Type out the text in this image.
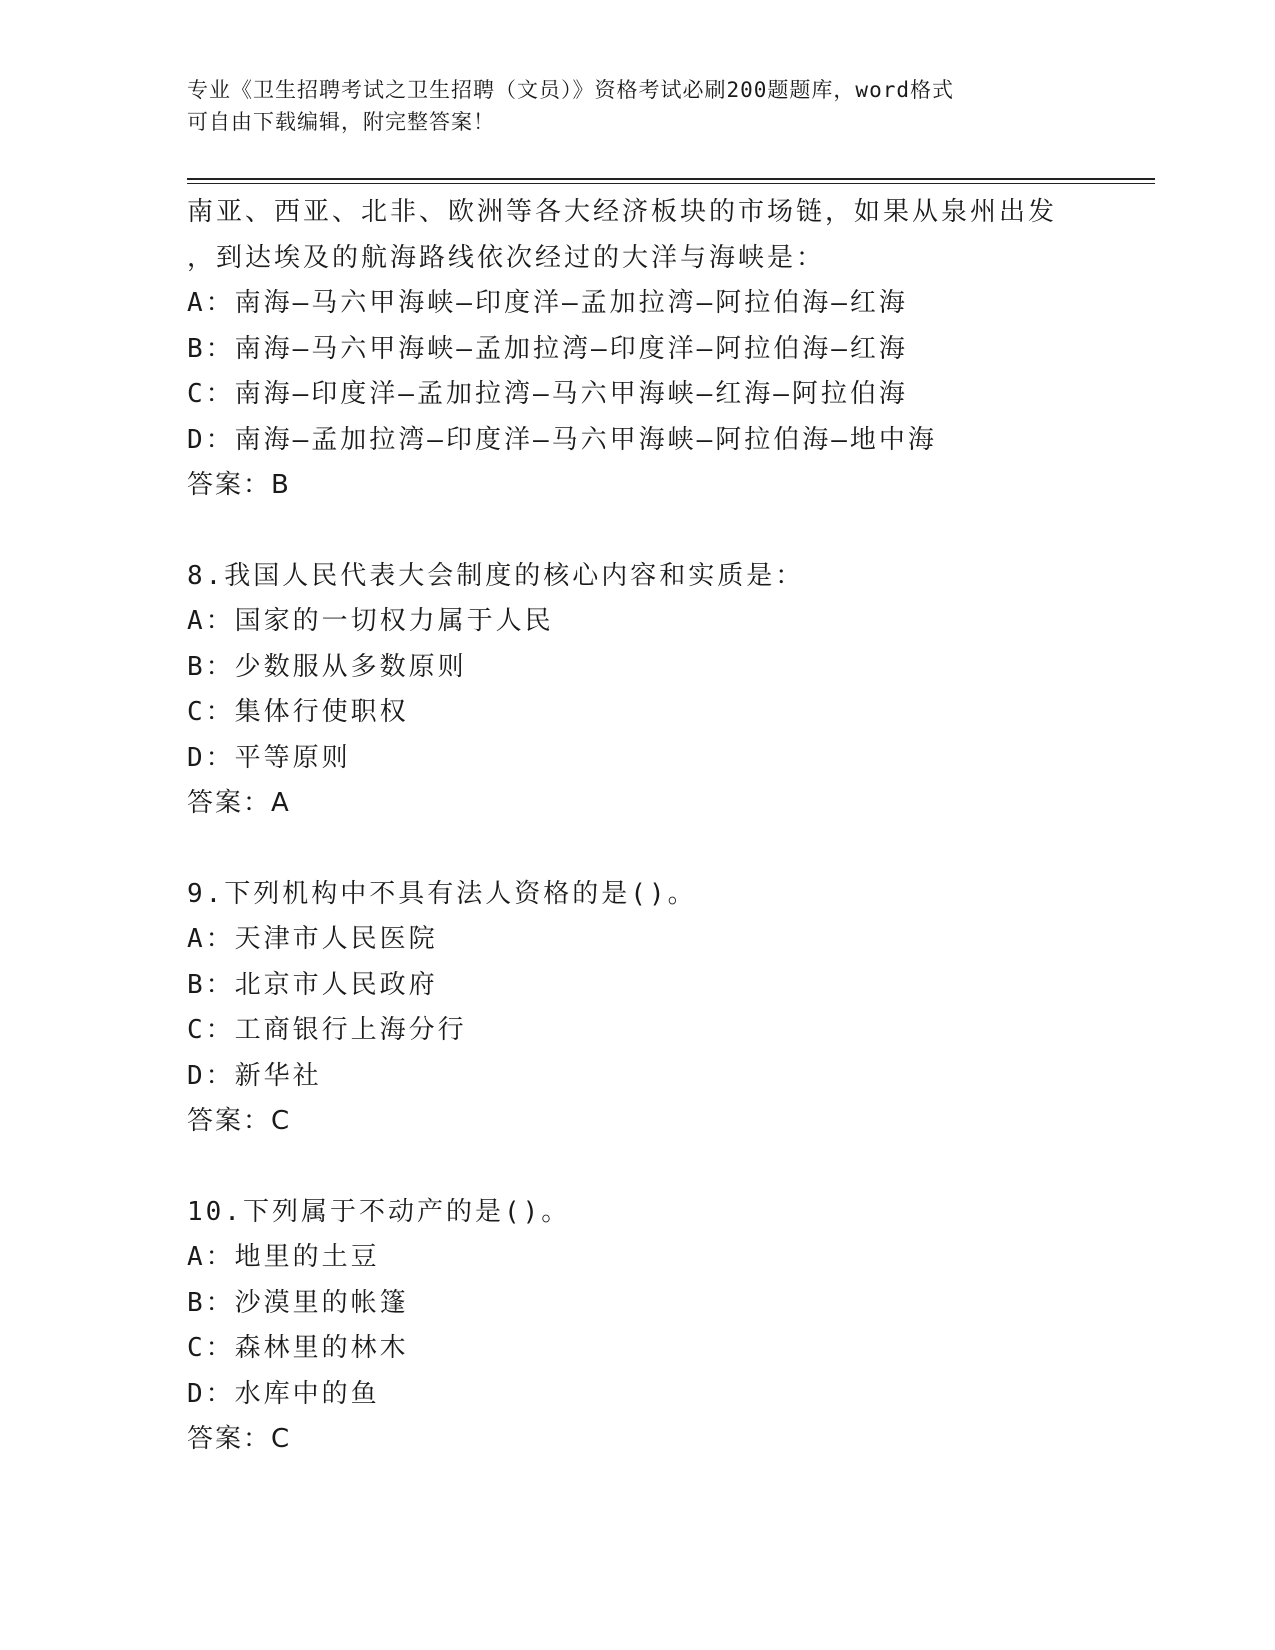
专业《卫生招聘考试之卫生招聘（文员）》资格考试必刷200题题库，word格式
可自由下载编辑，附完整答案！
南亚、西亚、北非、欧洲等各大经济板块的市场链，如果从泉州出发
，到达埃及的航海路线依次经过的大洋与海峡是：
A：南海—马六甲海峡—印度洋—孟加拉湾—阿拉伯海—红海
B：南海—马六甲海峡—孟加拉湾—印度洋—阿拉伯海—红海
C：南海—印度洋—孟加拉湾—马六甲海峡—红海—阿拉伯海
D：南海—孟加拉湾—印度洋—马六甲海峡—阿拉伯海—地中海
答案：B
8.我国人民代表大会制度的核心内容和实质是：
A：国家的一切权力属于人民
B：少数服从多数原则
C：集体行使职权
D：平等原则
答案：A
9.下列机构中不具有法人资格的是()。
A：天津市人民医院
B：北京市人民政府
C：工商银行上海分行
D：新华社
答案：C
10.下列属于不动产的是()。
A：地里的土豆
B：沙漠里的帐篷
C：森林里的林木
D：水库中的鱼
答案：C
